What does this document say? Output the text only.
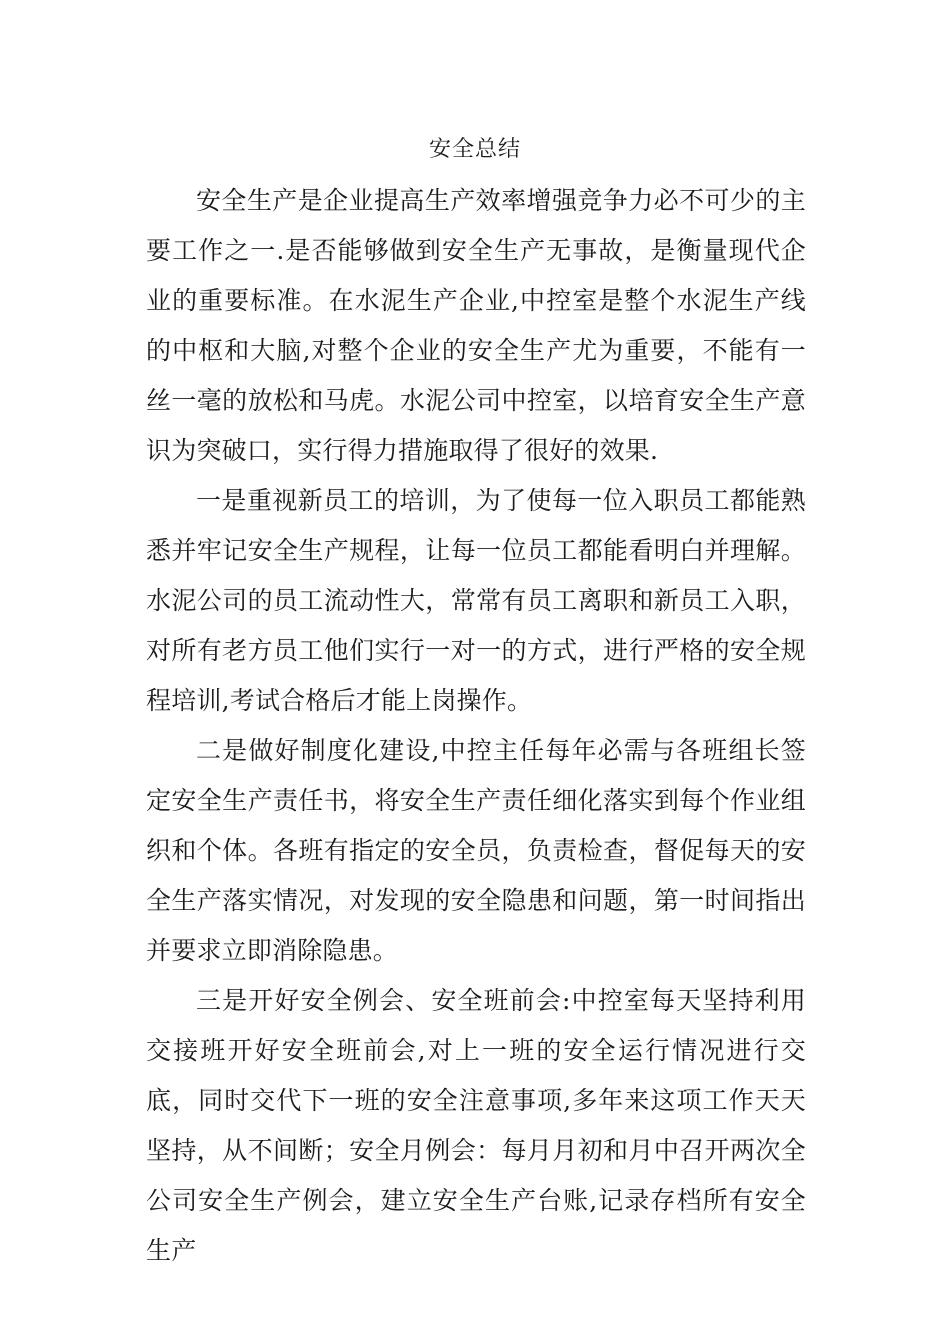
安全总结

安全生产是企业提高生产效率增强竞争力必不可少的主要工作之一.是否能够做到安全生产无事故，是衡量现代企业的重要标准。在水泥生产企业,中控室是整个水泥生产线的中枢和大脑,对整个企业的安全生产尤为重要，不能有一丝一毫的放松和马虎。水泥公司中控室，以培育安全生产意识为突破口，实行得力措施取得了很好的效果.

一是重视新员工的培训，为了使每一位入职员工都能熟悉并牢记安全生产规程，让每一位员工都能看明白并理解。水泥公司的员工流动性大，常常有员工离职和新员工入职，对所有老方员工他们实行一对一的方式，进行严格的安全规程培训,考试合格后才能上岗操作。

二是做好制度化建设,中控主任每年必需与各班组长签定安全生产责任书，将安全生产责任细化落实到每个作业组织和个体。各班有指定的安全员，负责检查，督促每天的安全生产落实情况，对发现的安全隐患和问题，第一时间指出并要求立即消除隐患。

三是开好安全例会、安全班前会:中控室每天坚持利用交接班开好安全班前会,对上一班的安全运行情况进行交底，同时交代下一班的安全注意事项,多年来这项工作天天坚持，从不间断；安全月例会：每月月初和月中召开两次全公司安全生产例会，建立安全生产台账,记录存档所有安全生产
